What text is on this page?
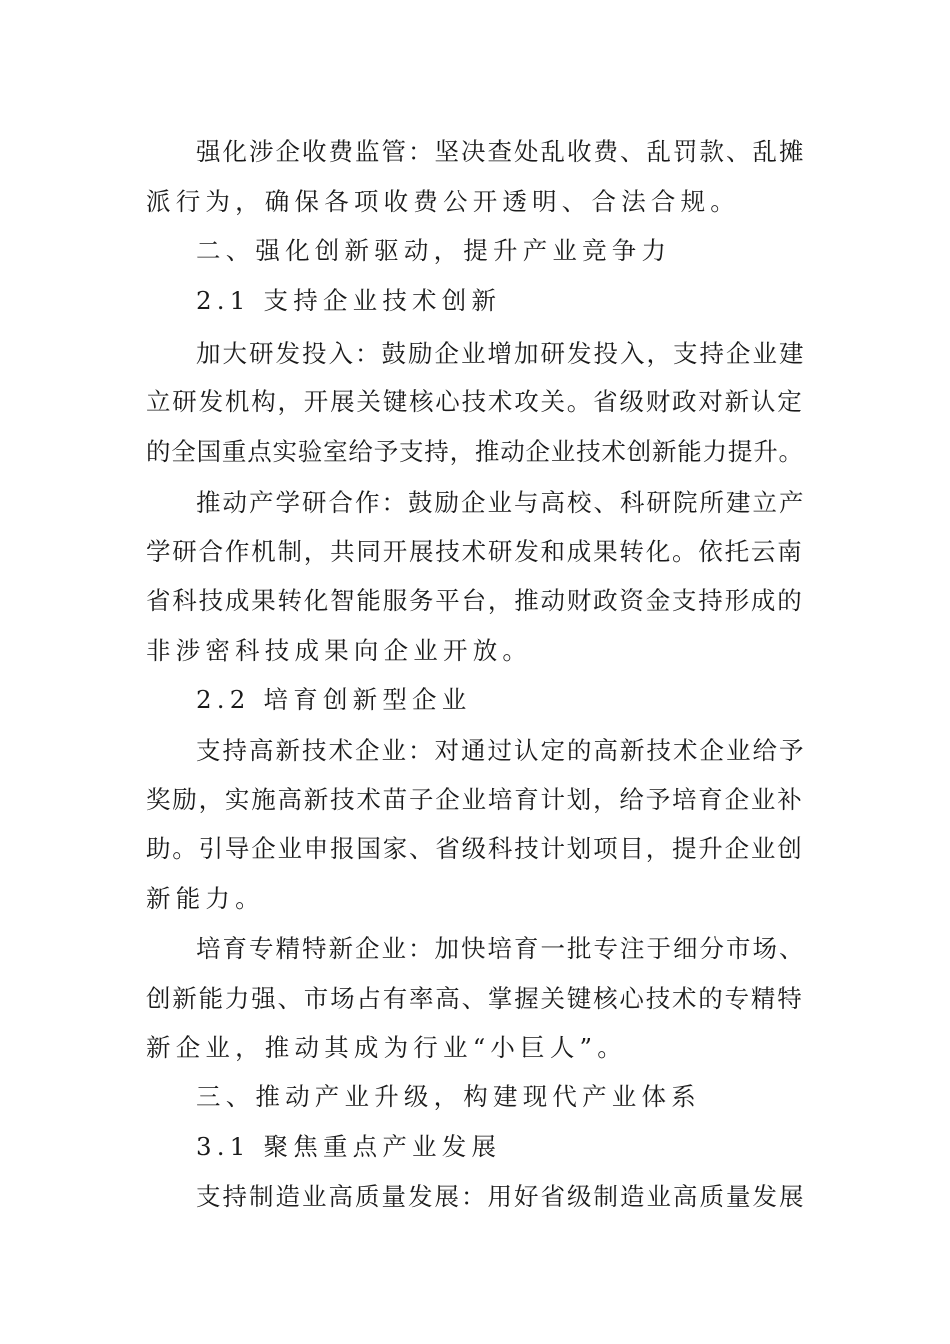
强化涉企收费监管：坚决查处乱收费、乱罚款、乱摊
派行为，确保各项收费公开透明、合法合规。
二、强化创新驱动，提升产业竞争力
2.1 支持企业技术创新
加大研发投入：鼓励企业增加研发投入，支持企业建
立研发机构，开展关键核心技术攻关。省级财政对新认定
的全国重点实验室给予支持，推动企业技术创新能力提升。
推动产学研合作：鼓励企业与高校、科研院所建立产
学研合作机制，共同开展技术研发和成果转化。依托云南
省科技成果转化智能服务平台，推动财政资金支持形成的
非涉密科技成果向企业开放。
2.2 培育创新型企业
支持高新技术企业：对通过认定的高新技术企业给予
奖励，实施高新技术苗子企业培育计划，给予培育企业补
助。引导企业申报国家、省级科技计划项目，提升企业创
新能力。
培育专精特新企业：加快培育一批专注于细分市场、
创新能力强、市场占有率高、掌握关键核心技术的专精特
新企业，推动其成为行业“小巨人”。
三、推动产业升级，构建现代产业体系
3.1 聚焦重点产业发展
支持制造业高质量发展：用好省级制造业高质量发展
